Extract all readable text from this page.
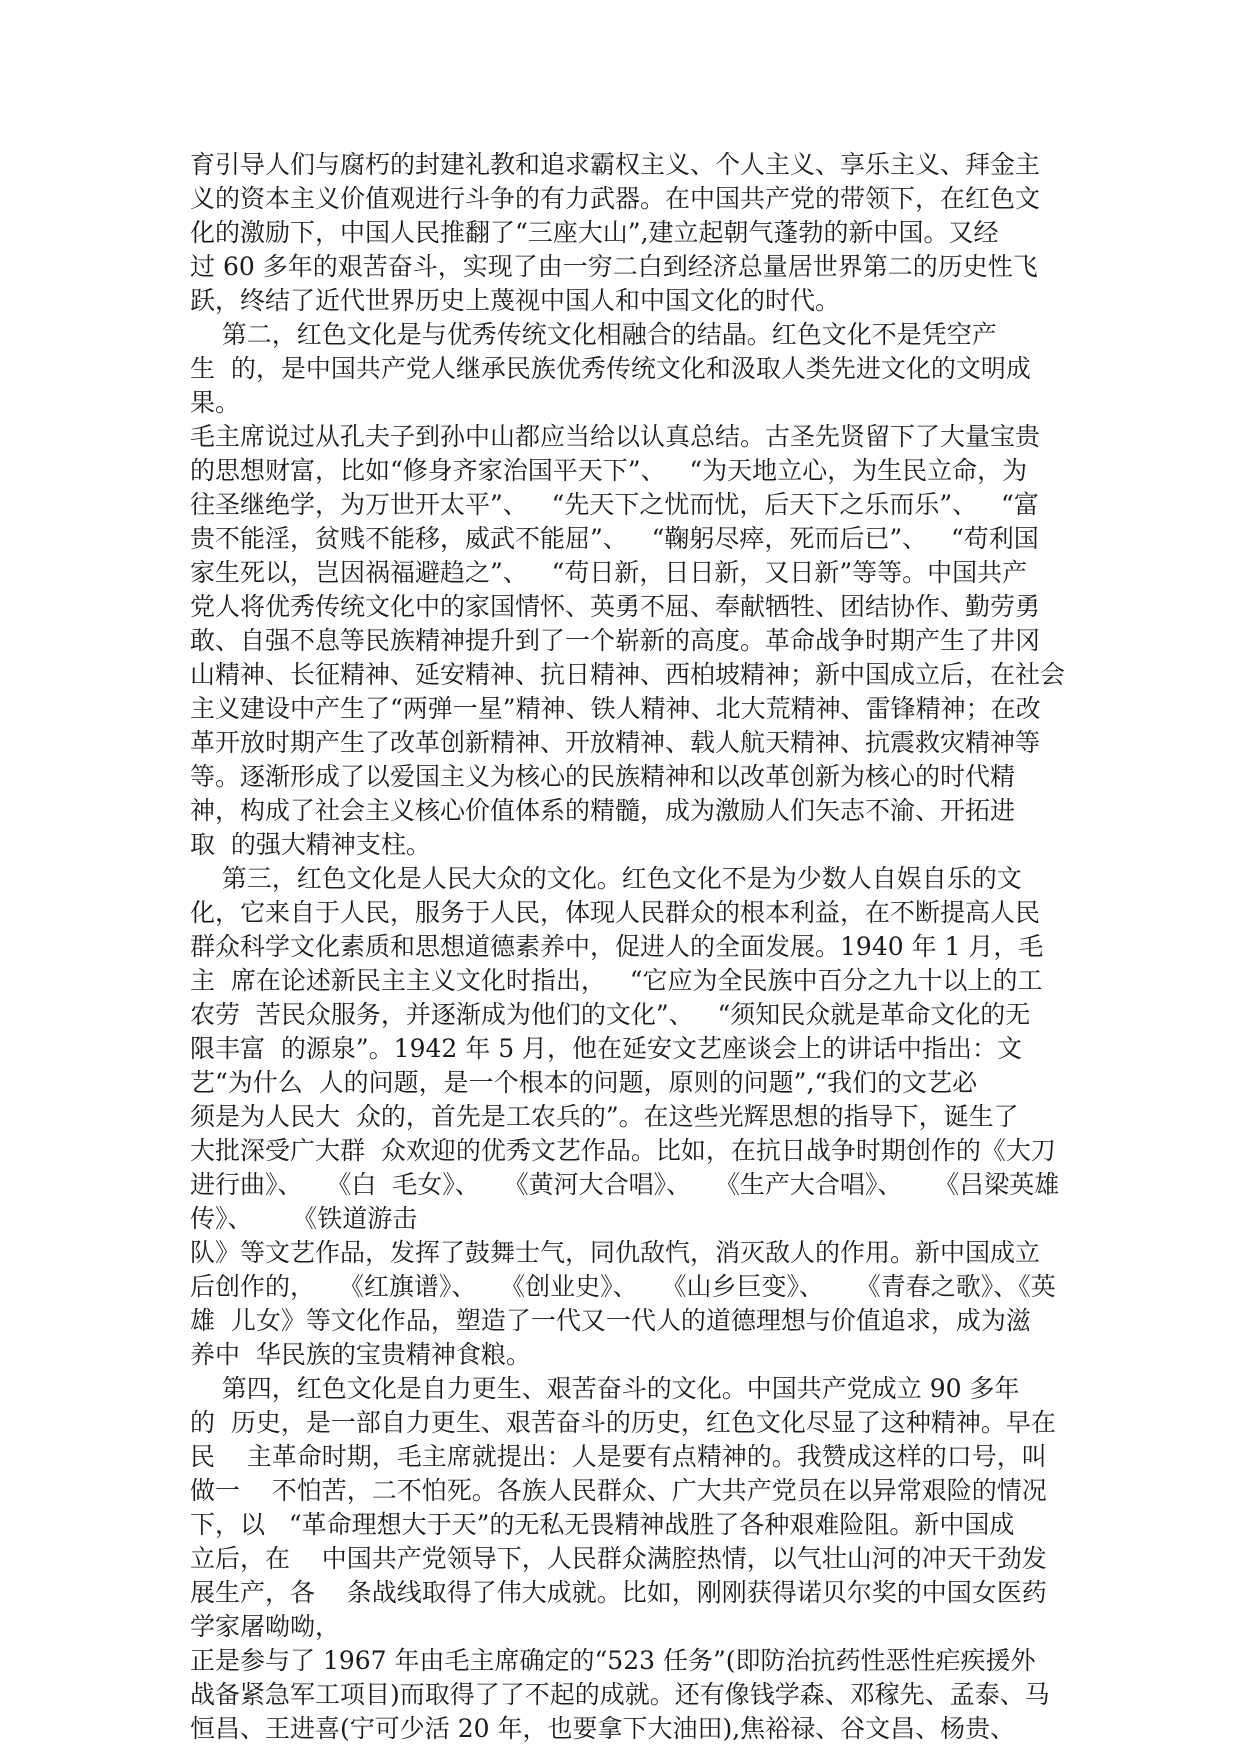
育引导人们与腐朽的封建礼教和追求霸权主义、个人主义、享乐主义、拜金主
义的资本主义价值观进行斗争的有力武器。在中国共产党的带领下，在红色文
化的激励下，中国人民推翻了“三座大山”,建立起朝气蓬勃的新中国。又经
过 60 多年的艰苦奋斗，实现了由一穷二白到经济总量居世界第二的历史性飞
跃，终结了近代世界历史上蔑视中国人和中国文化的时代。
第二，红色文化是与优秀传统文化相融合的结晶。红色文化不是凭空产
生  的，是中国共产党人继承民族优秀传统文化和汲取人类先进文化的文明成
果。
毛主席说过从孔夫子到孙中山都应当给以认真总结。古圣先贤留下了大量宝贵
的思想财富，比如“修身齐家治国平天下”、   “为天地立心，为生民立命，为
往圣继绝学，为万世开太平”、   “先天下之忧而忧，后天下之乐而乐”、   “富
贵不能淫，贫贱不能移，威武不能屈”、   “鞠躬尽瘁，死而后已”、   “苟利国
家生死以，岂因祸福避趋之”、   “苟日新，日日新，又日新”等等。中国共产
党人将优秀传统文化中的家国情怀、英勇不屈、奉献牺牲、团结协作、勤劳勇
敢、自强不息等民族精神提升到了一个崭新的高度。革命战争时期产生了井冈
山精神、长征精神、延安精神、抗日精神、西柏坡精神；新中国成立后，在社会
主义建设中产生了“两弹一星”精神、铁人精神、北大荒精神、雷锋精神；在改
革开放时期产生了改革创新精神、开放精神、载人航天精神、抗震救灾精神等
等。逐渐形成了以爱国主义为核心的民族精神和以改革创新为核心的时代精
神，构成了社会主义核心价值体系的精髓，成为激励人们矢志不渝、开拓进
取  的强大精神支柱。
第三，红色文化是人民大众的文化。红色文化不是为少数人自娱自乐的文
化，它来自于人民，服务于人民，体现人民群众的根本利益，在不断提高人民
群众科学文化素质和思想道德素养中，促进人的全面发展。1940 年 1 月，毛
主  席在论述新民主主义文化时指出，   “它应为全民族中百分之九十以上的工
农劳  苦民众服务，并逐渐成为他们的文化”、   “须知民众就是革命文化的无
限丰富  的源泉”。1942 年 5 月，他在延安文艺座谈会上的讲话中指出：文
艺“为什么  人的问题，是一个根本的问题，原则的问题”,“我们的文艺必
须是为人民大  众的，首先是工农兵的”。在这些光辉思想的指导下，诞生了
大批深受广大群  众欢迎的优秀文艺作品。比如，在抗日战争时期创作的《大刀
进行曲》、   《白  毛女》、   《黄河大合唱》、   《生产大合唱》、    《吕梁英雄
传》、     《铁道游击
队》等文艺作品，发挥了鼓舞士气，同仇敌忾，消灭敌人的作用。新中国成立
后创作的，   《红旗谱》、   《创业史》、   《山乡巨变》、    《青春之歌》、《英
雄  儿女》等文化作品，塑造了一代又一代人的道德理想与价值追求，成为滋
养中  华民族的宝贵精神食粮。
第四，红色文化是自力更生、艰苦奋斗的文化。中国共产党成立 90 多年
的  历史，是一部自力更生、艰苦奋斗的历史，红色文化尽显了这种精神。早在
民    主革命时期，毛主席就提出：人是要有点精神的。我赞成这样的口号，叫
做一    不怕苦，二不怕死。各族人民群众、广大共产党员在以异常艰险的情况
下，以   “革命理想大于天”的无私无畏精神战胜了各种艰难险阻。新中国成
立后，在    中国共产党领导下，人民群众满腔热情，以气壮山河的冲天干劲发
展生产，各    条战线取得了伟大成就。比如，刚刚获得诺贝尔奖的中国女医药
学家屠呦呦，
正是参与了 1967 年由毛主席确定的“523 任务”(即防治抗药性恶性疟疾援外
战备紧急军工项目)而取得了了不起的成就。还有像钱学森、邓稼先、孟泰、马
恒昌、王进喜(宁可少活 20 年，也要拿下大油田),焦裕禄、谷文昌、杨贵、
